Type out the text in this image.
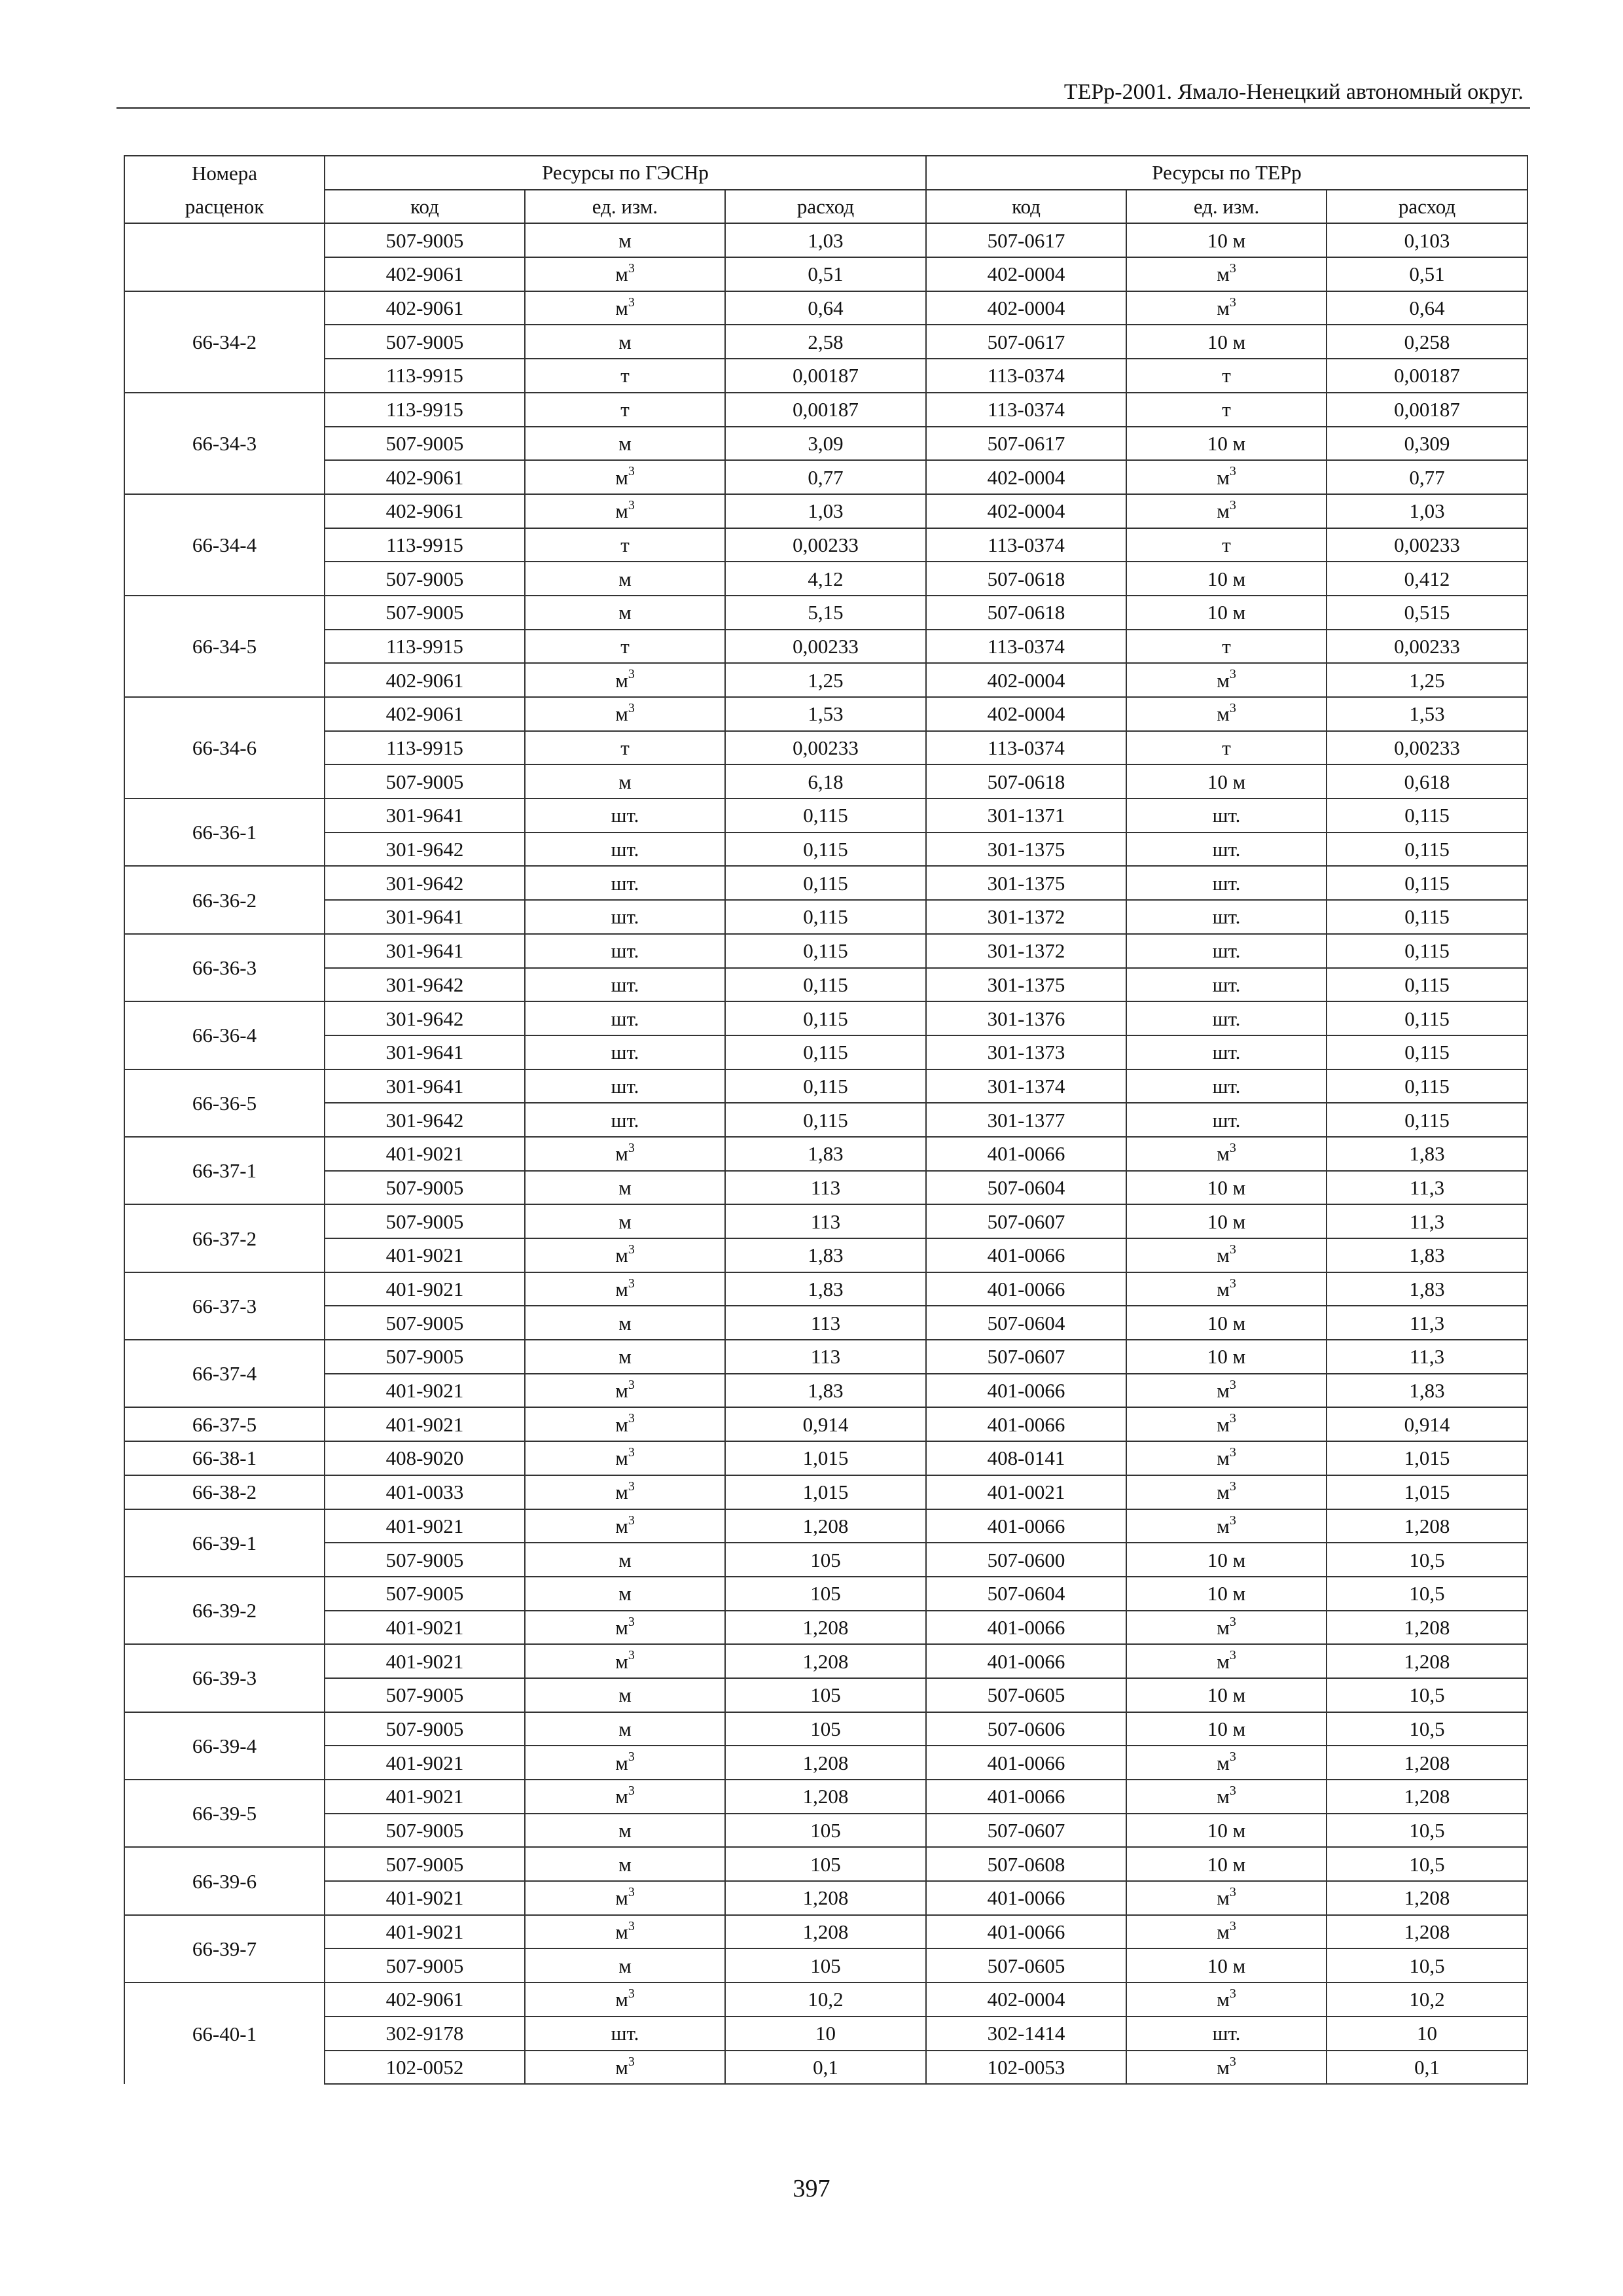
ТЕРр-2001. Ямало-Ненецкий автономный округ.
Номера	Ресурсы по ГЭСНр			Ресурсы по ТЕРр		
расценок	код	ед. изм.	расход	код	ед. изм.	расход
	507-9005	м	1,03	507-0617	10 м	0,103
	402-9061	$м^3$	0,51	402-0004	$м^3$	0,51
66-34-2	402-9061	$м^3$	0,64	402-0004	$м^3$	0,64
	507-9005	м	2,58	507-0617	10 м	0,258
	113-9915	т	0,00187	113-0374	т	0,00187
66-34-3	113-9915	т	0,00187	113-0374	т	0,00187
	507-9005	м	3,09	507-0617	10 м	0,309
	402-9061	$м^3$	0,77	402-0004	$м^3$	0,77
66-34-4	402-9061	$м^3$	1,03	402-0004	$м^3$	1,03
	113-9915	т	0,00233	113-0374	т	0,00233
	507-9005	м	4,12	507-0618	10 м	0,412
66-34-5	507-9005	м	5,15	507-0618	10 м	0,515
	113-9915	т	0,00233	113-0374	т	0,00233
	402-9061	$м^3$	1,25	402-0004	$м^3$	1,25
66-34-6	402-9061	$м^3$	1,53	402-0004	$м^3$	1,53
	113-9915	т	0,00233	113-0374	т	0,00233
	507-9005	м	6,18	507-0618	10 м	0,618
66-36-1	301-9641	шт.	0,115	301-1371	шт.	0,115
	301-9642	шт.	0,115	301-1375	шт.	0,115
66-36-2	301-9642	шт.	0,115	301-1375	шт.	0,115
	301-9641	шт.	0,115	301-1372	шт.	0,115
66-36-3	301-9641	шт.	0,115	301-1372	шт.	0,115
	301-9642	шт.	0,115	301-1375	шт.	0,115
66-36-4	301-9642	шт.	0,115	301-1376	шт.	0,115
	301-9641	шт.	0,115	301-1373	шт.	0,115
66-36-5	301-9641	шт.	0,115	301-1374	шт.	0,115
	301-9642	шт.	0,115	301-1377	шт.	0,115
66-37-1	401-9021	$м^3$	1,83	401-0066	$м^3$	1,83
	507-9005	м	113	507-0604	10 м	11,3
66-37-2	507-9005	м	113	507-0607	10 м	11,3
	401-9021	$м^3$	1,83	401-0066	$м^3$	1,83
66-37-3	401-9021	$м^3$	1,83	401-0066	$м^3$	1,83
	507-9005	м	113	507-0604	10 м	11,3
66-37-4	507-9005	м	113	507-0607	10 м	11,3
	401-9021	$м^3$	1,83	401-0066	$м^3$	1,83
66-37-5	401-9021	$м^3$	0,914	401-0066	$м^3$	0,914
66-38-1	408-9020	$м^3$	1,015	408-0141	$м^3$	1,015
66-38-2	401-0033	$м^3$	1,015	401-0021	$м^3$	1,015
66-39-1	401-9021	$м^3$	1,208	401-0066	$м^3$	1,208
	507-9005	м	105	507-0600	10 м	10,5
66-39-2	507-9005	м	105	507-0604	10 м	10,5
	401-9021	$м^3$	1,208	401-0066	$м^3$	1,208
66-39-3	401-9021	$м^3$	1,208	401-0066	$м^3$	1,208
	507-9005	м	105	507-0605	10 м	10,5
66-39-4	507-9005	м	105	507-0606	10 м	10,5
	401-9021	$м^3$	1,208	401-0066	$м^3$	1,208
66-39-5	401-9021	$м^3$	1,208	401-0066	$м^3$	1,208
	507-9005	м	105	507-0607	10 м	10,5
66-39-6	507-9005	м	105	507-0608	10 м	10,5
	401-9021	$м^3$	1,208	401-0066	$м^3$	1,208
66-39-7	401-9021	$м^3$	1,208	401-0066	$м^3$	1,208
	507-9005	м	105	507-0605	10 м	10,5
66-40-1	402-9061	$м^3$	10,2	402-0004	$м^3$	10,2
	302-9178	шт.	10	302-1414	шт.	10
	102-0052	$м^3$	0,1	102-0053	$м^3$	0,1
397
